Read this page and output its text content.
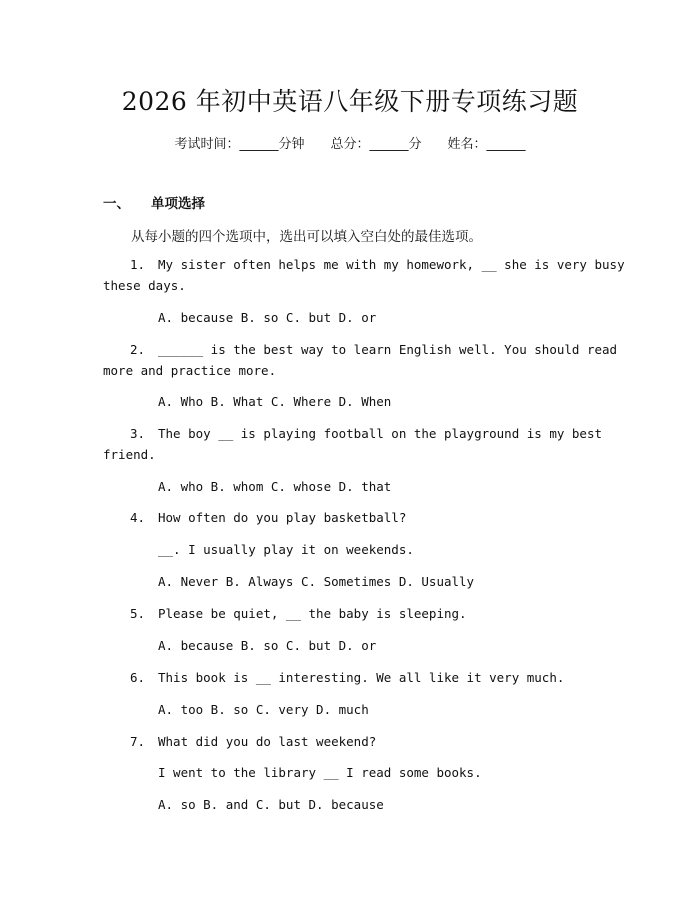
2026 年初中英语八年级下册专项练习题
考试时间：______分钟 总分：______分 姓名：______
一、 单项选择
从每小题的四个选项中，选出可以填入空白处的最佳选项。
1. My sister often helps me with my homework, __ she is very busy
these days.
A. because B. so C. but D. or
2. ______ is the best way to learn English well. You should read
more and practice more.
A. Who B. What C. Where D. When
3. The boy __ is playing football on the playground is my best
friend.
A. who B. whom C. whose D. that
4. How often do you play basketball?
__. I usually play it on weekends.
A. Never B. Always C. Sometimes D. Usually
5. Please be quiet, __ the baby is sleeping.
A. because B. so C. but D. or
6. This book is __ interesting. We all like it very much.
A. too B. so C. very D. much
7. What did you do last weekend?
I went to the library __ I read some books.
A. so B. and C. but D. because
